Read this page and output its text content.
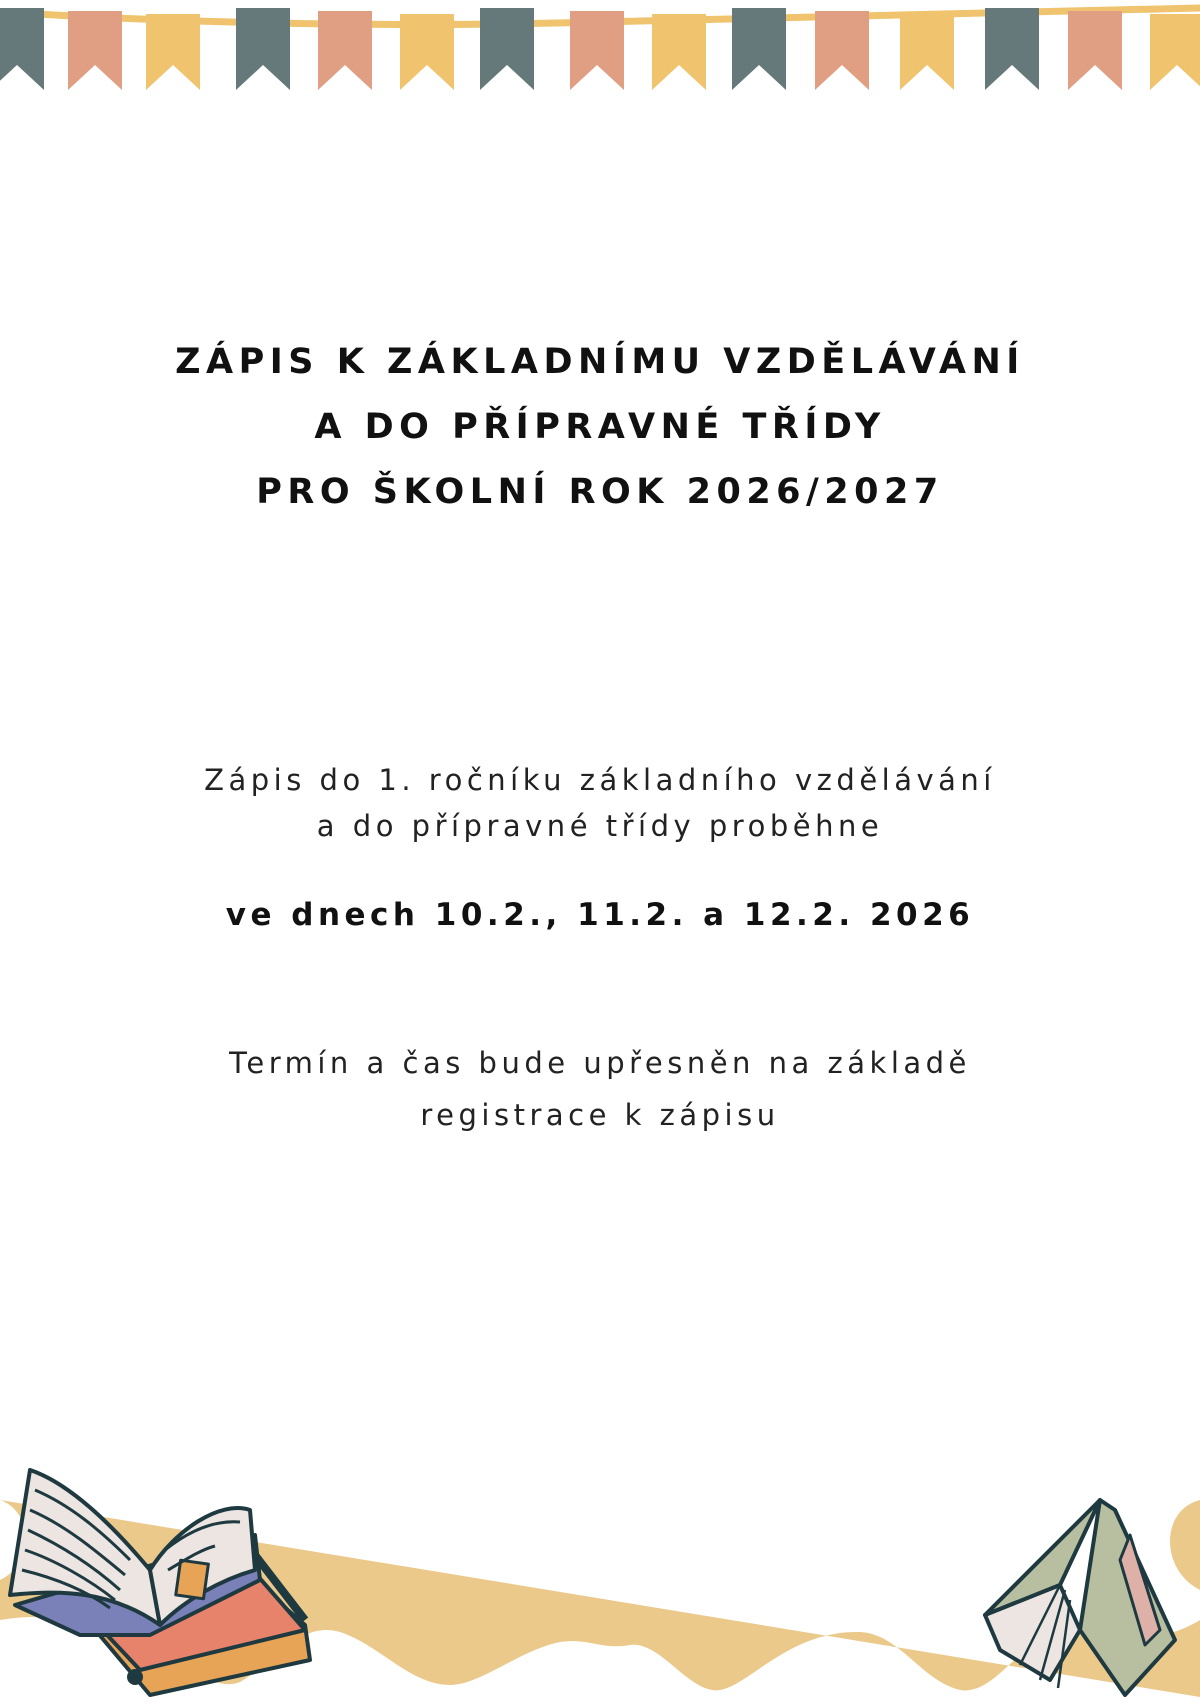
ZÁPIS K ZÁKLADNÍMU VZDĚLÁVÁNÍ
A DO PŘÍPRAVNÉ TŘÍDY
PRO ŠKOLNÍ ROK 2026/2027
Zápis do 1. ročníku základního vzdělávání
a do přípravné třídy proběhne
ve dnech 10.2., 11.2. a 12.2. 2026
Termín a čas bude upřesněn na základě
registrace k zápisu
